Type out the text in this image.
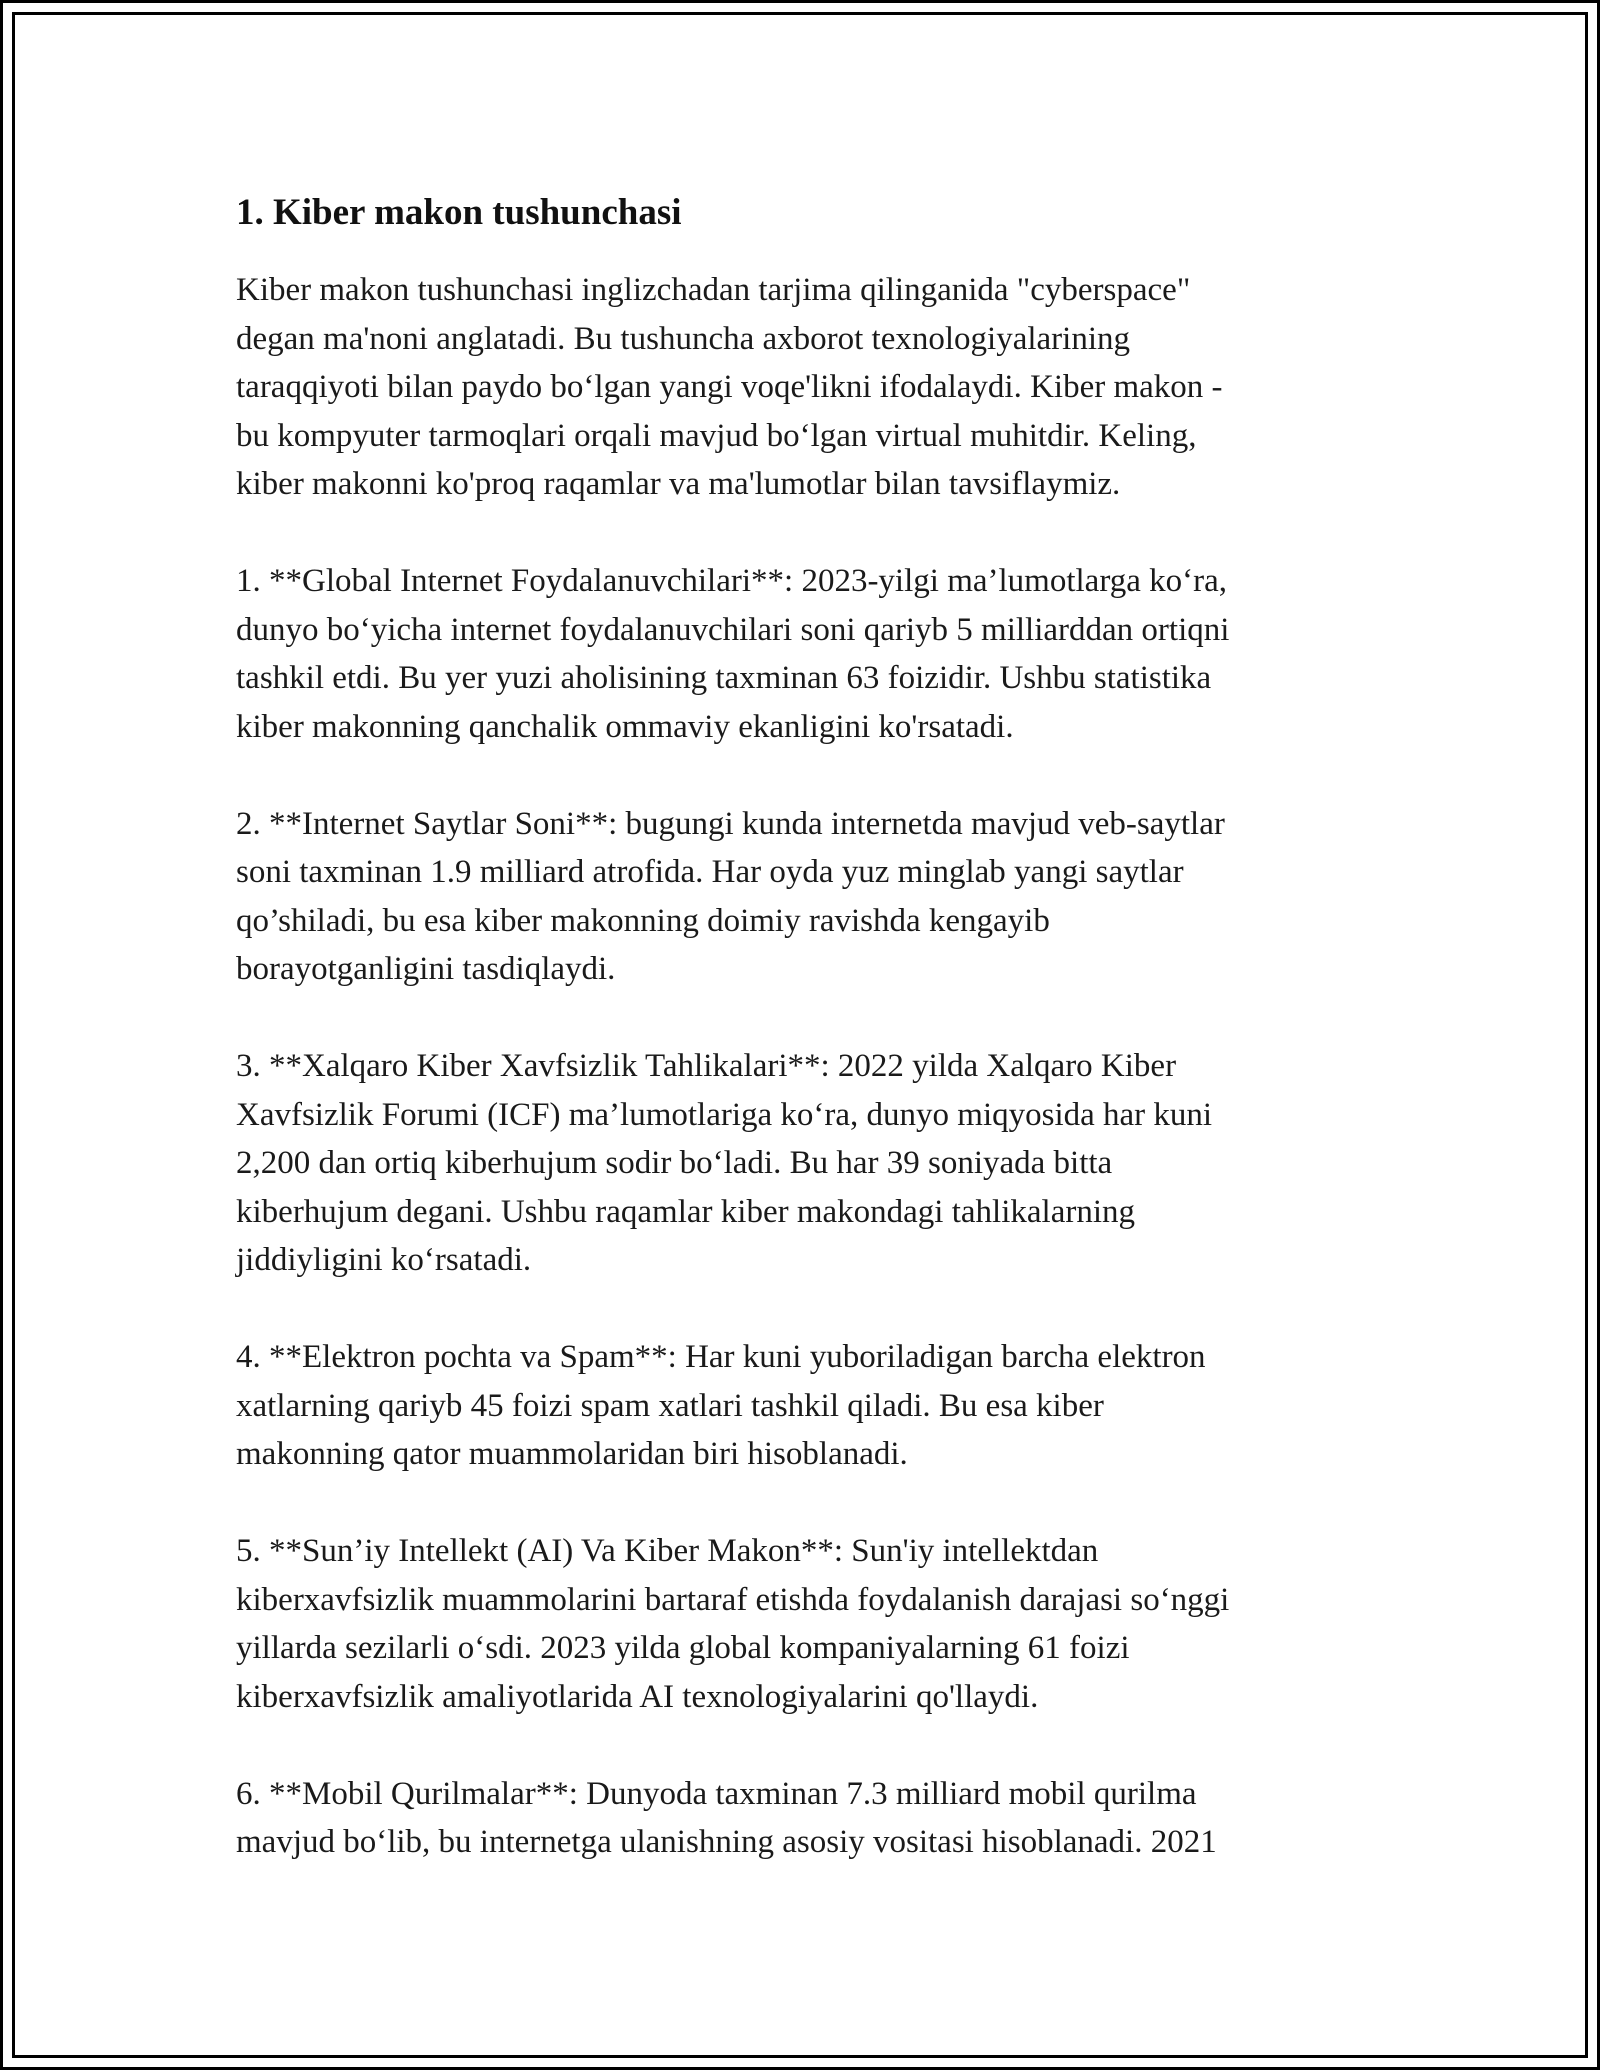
1. Kiber makon tushunchasi

Kiber makon tushunchasi inglizchadan tarjima qilinganida "cyberspace"
degan ma'noni anglatadi. Bu tushuncha axborot texnologiyalarining
taraqqiyoti bilan paydo boʻlgan yangi voqe'likni ifodalaydi. Kiber makon -
bu kompyuter tarmoqlari orqali mavjud boʻlgan virtual muhitdir. Keling,
kiber makonni ko'proq raqamlar va ma'lumotlar bilan tavsiflaymiz.

1. **Global Internet Foydalanuvchilari**: 2023-yilgi ma’lumotlarga koʻra,
dunyo boʻyicha internet foydalanuvchilari soni qariyb 5 milliarddan ortiqni
tashkil etdi. Bu yer yuzi aholisining taxminan 63 foizidir. Ushbu statistika
kiber makonning qanchalik ommaviy ekanligini ko'rsatadi.

2. **Internet Saytlar Soni**: bugungi kunda internetda mavjud veb-saytlar
soni taxminan 1.9 milliard atrofida. Har oyda yuz minglab yangi saytlar
qo’shiladi, bu esa kiber makonning doimiy ravishda kengayib
borayotganligini tasdiqlaydi.

3. **Xalqaro Kiber Xavfsizlik Tahlikalari**: 2022 yilda Xalqaro Kiber
Xavfsizlik Forumi (ICF) ma’lumotlariga koʻra, dunyo miqyosida har kuni
2,200 dan ortiq kiberhujum sodir boʻladi. Bu har 39 soniyada bitta
kiberhujum degani. Ushbu raqamlar kiber makondagi tahlikalarning
jiddiyligini koʻrsatadi.

4. **Elektron pochta va Spam**: Har kuni yuboriladigan barcha elektron
xatlarning qariyb 45 foizi spam xatlari tashkil qiladi. Bu esa kiber
makonning qator muammolaridan biri hisoblanadi.

5. **Sun’iy Intellekt (AI) Va Kiber Makon**: Sun'iy intellektdan
kiberxavfsizlik muammolarini bartaraf etishda foydalanish darajasi soʻnggi
yillarda sezilarli oʻsdi. 2023 yilda global kompaniyalarning 61 foizi
kiberxavfsizlik amaliyotlarida AI texnologiyalarini qo'llaydi.

6. **Mobil Qurilmalar**: Dunyoda taxminan 7.3 milliard mobil qurilma
mavjud boʻlib, bu internetga ulanishning asosiy vositasi hisoblanadi. 2021
